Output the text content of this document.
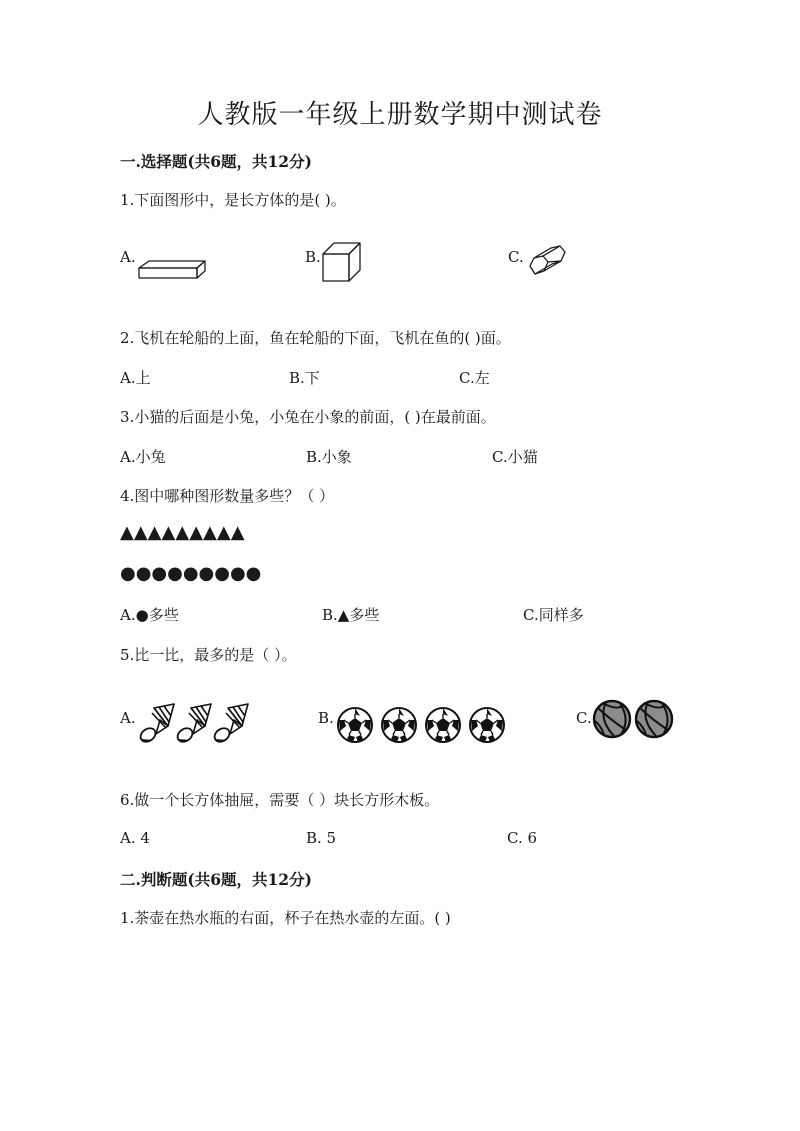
人教版一年级上册数学期中测试卷
一.选择题(共6题，共12分)
1.下面图形中，是长方体的是( )。
A.	B.	C.
2.飞机在轮船的上面，鱼在轮船的下面，飞机在鱼的( )面。
A.上	B.下	C.左
3.小猫的后面是小兔，小兔在小象的前面，( )在最前面。
A.小兔	B.小象	C.小猫
4.图中哪种图形数量多些？（ ）
▲▲▲▲▲▲▲▲▲
●●●●●●●●●
A.●多些	B.▲多些	C.同样多
5.比一比，最多的是（ ）。
A.	B.	C.
6.做一个长方体抽屉，需要（ ）块长方形木板。
A. 4	B. 5	C. 6
二.判断题(共6题，共12分)
1.茶壶在热水瓶的右面，杯子在热水壶的左面。( )
